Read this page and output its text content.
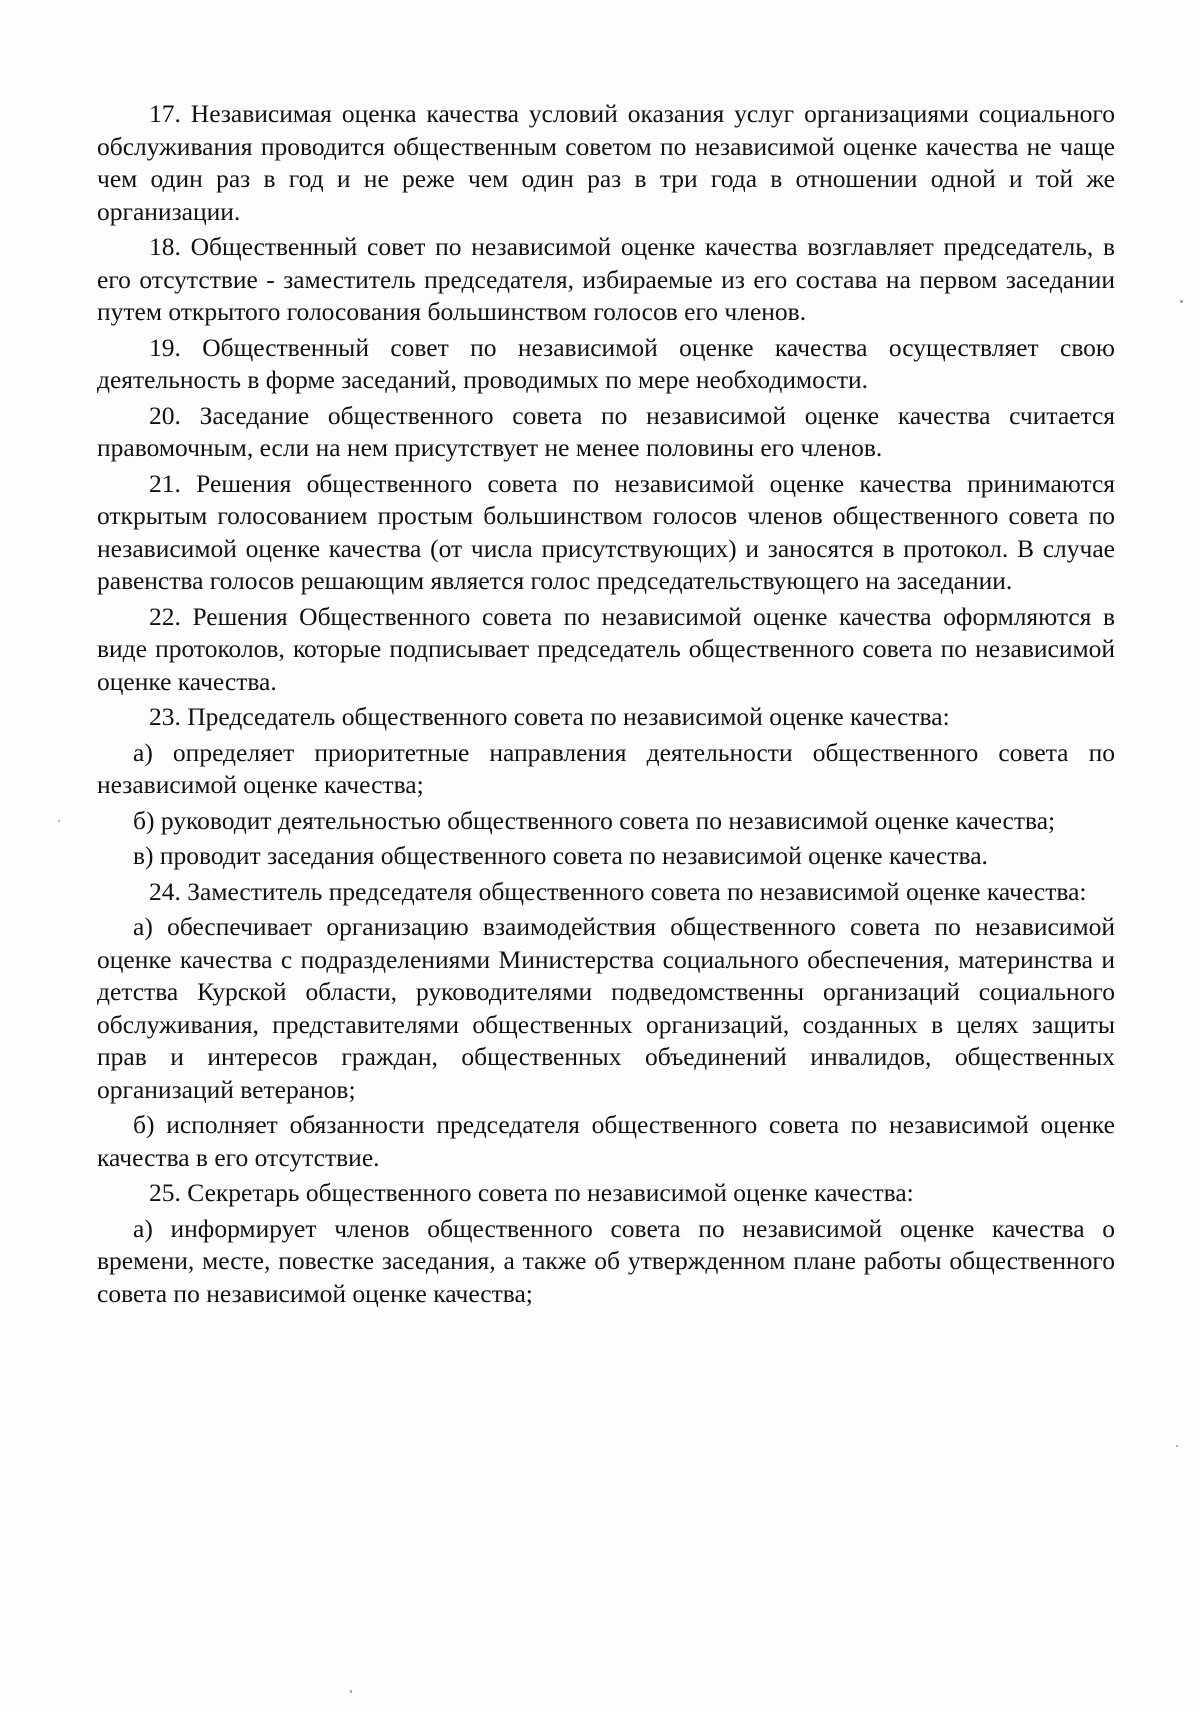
17. Независимая оценка качества условий оказания услуг организациями социального обслуживания проводится общественным советом по независимой оценке качества не чаще чем один раз в год и не реже чем один раз в три года в отношении одной и той же организации.

18. Общественный совет по независимой оценке качества возглавляет председатель, в его отсутствие - заместитель председателя, избираемые из его состава на первом заседании путем открытого голосования большинством голосов его членов.

19. Общественный совет по независимой оценке качества осуществляет свою деятельность в форме заседаний, проводимых по мере необходимости.

20. Заседание общественного совета по независимой оценке качества считается правомочным, если на нем присутствует не менее половины его членов.

21. Решения общественного совета по независимой оценке качества принимаются открытым голосованием простым большинством голосов членов общественного совета по независимой оценке качества (от числа присутствующих) и заносятся в протокол. В случае равенства голосов решающим является голос председательствующего на заседании.

22. Решения Общественного совета по независимой оценке качества оформляются в виде протоколов, которые подписывает председатель общественного совета по независимой оценке качества.

23. Председатель общественного совета по независимой оценке качества:

а) определяет приоритетные направления деятельности общественного совета по независимой оценке качества;

б) руководит деятельностью общественного совета по независимой оценке качества;

в) проводит заседания общественного совета по независимой оценке качества.

24. Заместитель председателя общественного совета по независимой оценке качества:

а) обеспечивает организацию взаимодействия общественного совета по независимой оценке качества с подразделениями Министерства социального обеспечения, материнства и детства Курской области, руководителями подведомственны организаций социального обслуживания, представителями общественных организаций, созданных в целях защиты прав и интересов граждан, общественных объединений инвалидов, общественных организаций ветеранов;

б) исполняет обязанности председателя общественного совета по независимой оценке качества в его отсутствие.

25. Секретарь общественного совета по независимой оценке качества:

а) информирует членов общественного совета по независимой оценке качества о времени, месте, повестке заседания, а также об утвержденном плане работы общественного совета по независимой оценке качества;
